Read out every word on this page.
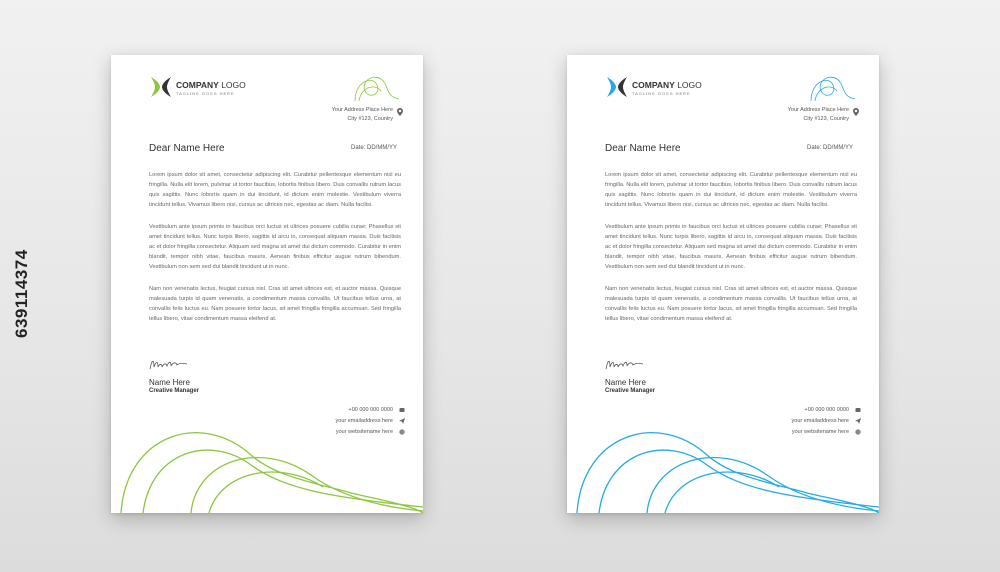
639114374
COMPANY LOGO
TAGLINE GOES HERE
Your Address Place Here
City #123, Country
Dear Name Here	Date: DD/MM/YY

Lorem ipsum dolor sit amet, consectetur adipiscing elit. Curabitur pellentesque elementum nisl eu fringilla. Nulla elit lorem, pulvinar ut tortor faucibus, lobortis finibus libero. Duis convallis rutrum lacus quis sagittis. Nunc lobortis quam in dui tincidunt, id dictum enim molestie. Vestibulum viverra tincidunt tellus. Vivamus libero nisi, cursus ac ultrices nec, egestas ac diam. Nulla facilisi.

Vestibulum ante ipsum primis in faucibus orci luctus et ultrices posuere cubilia curae; Phasellus sit amet tincidunt tellus. Nunc turpis libero, sagittis id arcu in, consequat aliquam massa. Duis facilisis ac et dolor fringilla consectetur. Aliquam sed magna sit amet dui dictum commodo. Curabitur in enim blandit, tempor nibh vitae, faucibus mauris. Aenean finibus efficitur augue rutrum bibendum. Vestibulum non sem sed dui blandit tincidunt ut in nunc.

Nam non venenatis lectus, feugiat cursus nisl. Cras sit amet ultrices est, et auctor massa. Quisque malesuada turpis id quam venenatis, a condimentum massa convallis. Ut faucibus tellus urna, at convallis felis luctus eu. Nam posuere tortor lacus, sit amet fringilla fringilla accumsan. Sed fringilla tellus libero, vitae condimentum massa eleifend at.

Name Here
Creative Manager
+00 000 000 0000
your emailaddress here
your websitename here
COMPANY LOGO
TAGLINE GOES HERE
Your Address Place Here
City #123, Country
Dear Name Here	Date: DD/MM/YY

Lorem ipsum dolor sit amet, consectetur adipiscing elit. Curabitur pellentesque elementum nisl eu fringilla. Nulla elit lorem, pulvinar ut tortor faucibus, lobortis finibus libero. Duis convallis rutrum lacus quis sagittis. Nunc lobortis quam in dui tincidunt, id dictum enim molestie. Vestibulum viverra tincidunt tellus. Vivamus libero nisi, cursus ac ultrices nec, egestas ac diam. Nulla facilisi.

Vestibulum ante ipsum primis in faucibus orci luctus et ultrices posuere cubilia curae; Phasellus sit amet tincidunt tellus. Nunc turpis libero, sagittis id arcu in, consequat aliquam massa. Duis facilisis ac et dolor fringilla consectetur. Aliquam sed magna sit amet dui dictum commodo. Curabitur in enim blandit, tempor nibh vitae, faucibus mauris. Aenean finibus efficitur augue rutrum bibendum. Vestibulum non sem sed dui blandit tincidunt ut in nunc.

Nam non venenatis lectus, feugiat cursus nisl. Cras sit amet ultrices est, et auctor massa. Quisque malesuada turpis id quam venenatis, a condimentum massa convallis. Ut faucibus tellus urna, at convallis felis luctus eu. Nam posuere tortor lacus, sit amet fringilla fringilla accumsan. Sed fringilla tellus libero, vitae condimentum massa eleifend at.

Name Here
Creative Manager
+00 000 000 0000
your emailaddress here
your websitename here
